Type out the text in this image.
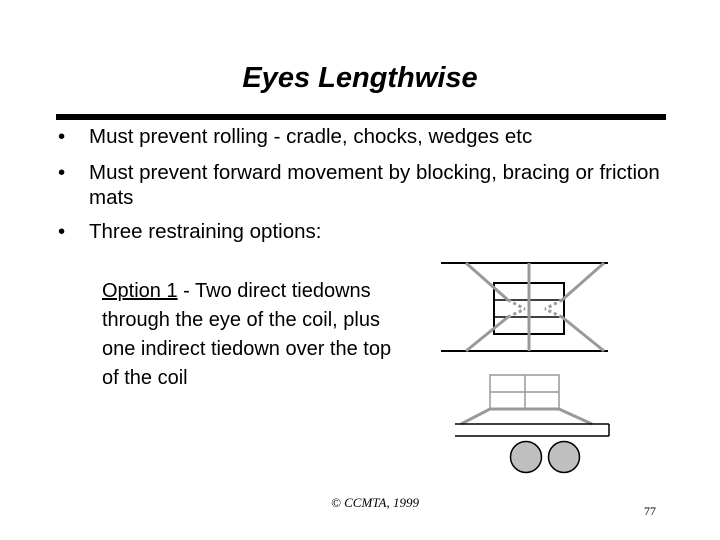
Eyes Lengthwise
• Must prevent rolling - cradle, chocks, wedges etc
• Must prevent forward movement by blocking, bracing or friction mats
• Three restraining options:
Option 1 - Two direct tiedowns through the eye of the coil, plus one indirect tiedown over the top of the coil
© CCMTA, 1999
77
